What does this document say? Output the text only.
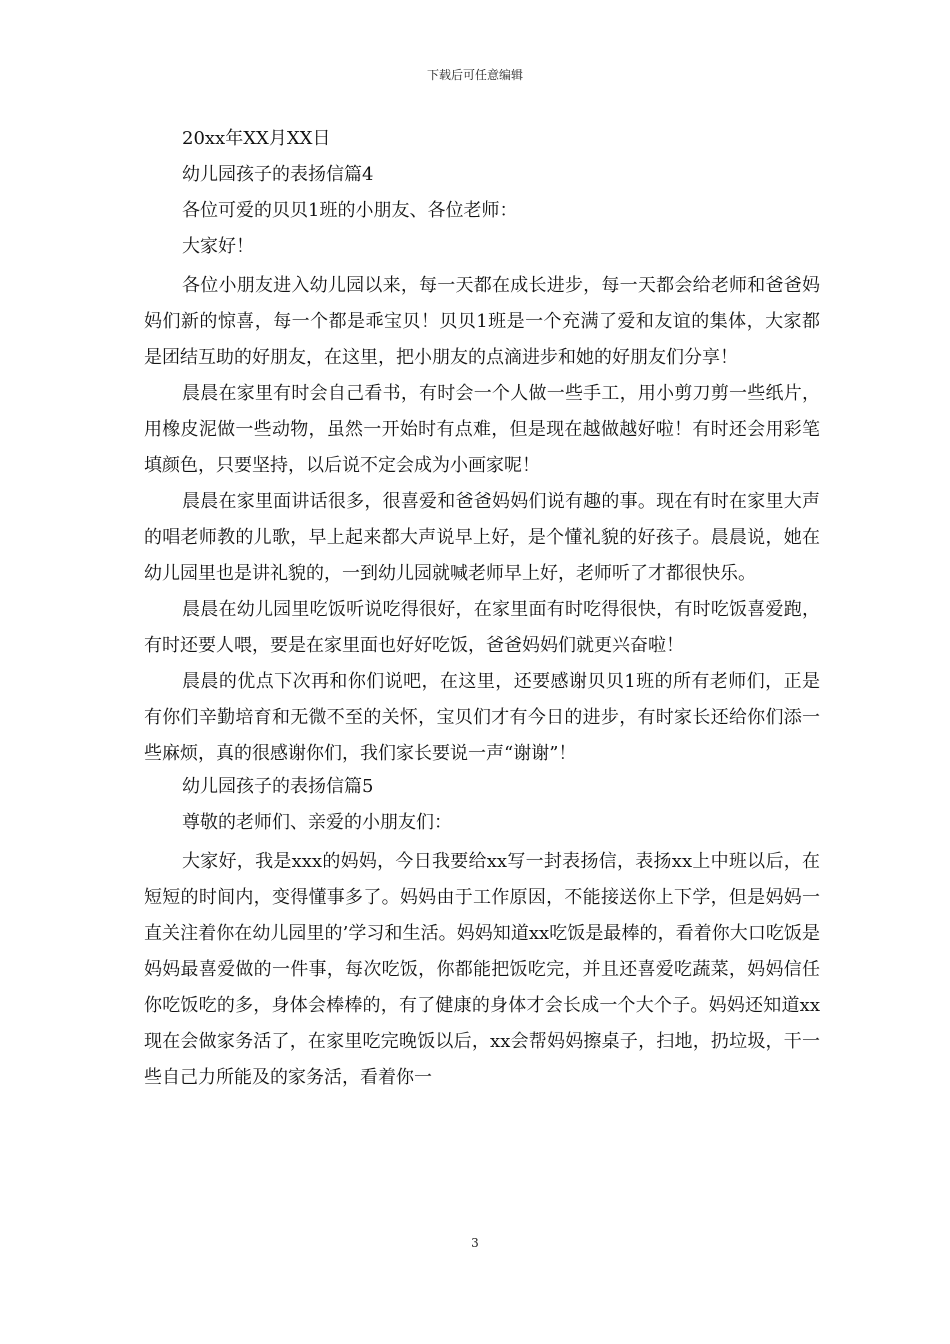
下载后可任意编辑
20xx年XX月XX日
幼儿园孩子的表扬信篇4
各位可爱的贝贝1班的小朋友、各位老师：
大家好！

各位小朋友进入幼儿园以来，每一天都在成长进步，每一天都会给老师和爸爸妈妈们新的惊喜，每一个都是乖宝贝！贝贝1班是一个充满了爱和友谊的集体，大家都是团结互助的好朋友，在这里，把小朋友的点滴进步和她的好朋友们分享！

晨晨在家里有时会自己看书，有时会一个人做一些手工，用小剪刀剪一些纸片，用橡皮泥做一些动物，虽然一开始时有点难，但是现在越做越好啦！有时还会用彩笔填颜色，只要坚持，以后说不定会成为小画家呢！

晨晨在家里面讲话很多，很喜爱和爸爸妈妈们说有趣的事。现在有时在家里大声的唱老师教的儿歌，早上起来都大声说早上好，是个懂礼貌的好孩子。晨晨说，她在幼儿园里也是讲礼貌的，一到幼儿园就喊老师早上好，老师听了才都很快乐。

晨晨在幼儿园里吃饭听说吃得很好，在家里面有时吃得很快，有时吃饭喜爱跑，有时还要人喂，要是在家里面也好好吃饭，爸爸妈妈们就更兴奋啦！

晨晨的优点下次再和你们说吧，在这里，还要感谢贝贝1班的所有老师们，正是有你们辛勤培育和无微不至的关怀，宝贝们才有今日的进步，有时家长还给你们添一些麻烦，真的很感谢你们，我们家长要说一声“谢谢”！

幼儿园孩子的表扬信篇5
尊敬的老师们、亲爱的小朋友们：

大家好，我是xxx的妈妈，今日我要给xx写一封表扬信，表扬xx上中班以后，在短短的时间内，变得懂事多了。妈妈由于工作原因，不能接送你上下学，但是妈妈一直关注着你在幼儿园里的’学习和生活。妈妈知道xx吃饭是最棒的，看着你大口吃饭是妈妈最喜爱做的一件事，每次吃饭，你都能把饭吃完，并且还喜爱吃蔬菜，妈妈信任你吃饭吃的多，身体会棒棒的，有了健康的身体才会长成一个大个子。妈妈还知道xx现在会做家务活了，在家里吃完晚饭以后，xx会帮妈妈擦桌子，扫地，扔垃圾，干一些自己力所能及的家务活，看着你一

3
